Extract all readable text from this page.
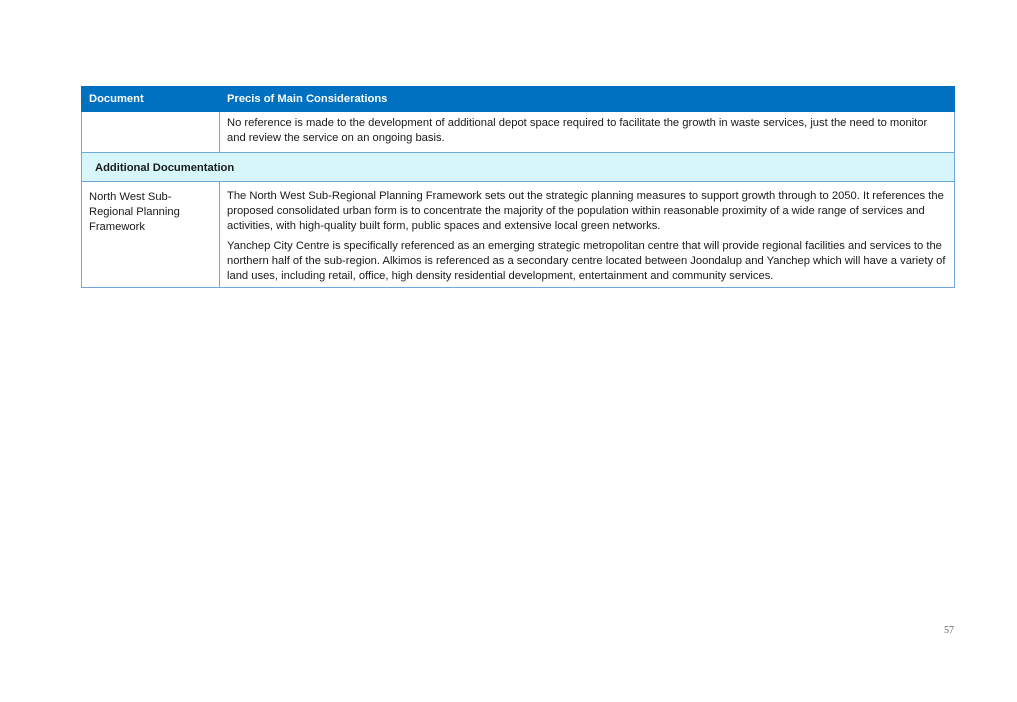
Document	Precis of Main Considerations

	No reference is made to the development of additional depot space required to facilitate the growth in waste services, just the need to monitor and review the service on an ongoing basis.

Additional Documentation	
North West Sub-Regional Planning Framework	The North West Sub-Regional Planning Framework sets out the strategic planning measures to support growth through to 2050. It references the proposed consolidated urban form is to concentrate the majority of the population within reasonable proximity of a wide range of services and activities, with high-quality built form, public spaces and extensive local green networks.

Yanchep City Centre is specifically referenced as an emerging strategic metropolitan centre that will provide regional facilities and services to the northern half of the sub-region. Alkimos is referenced as a secondary centre located between Joondalup and Yanchep which will have a variety of land uses, including retail, office, high density residential development, entertainment and community services.

57
